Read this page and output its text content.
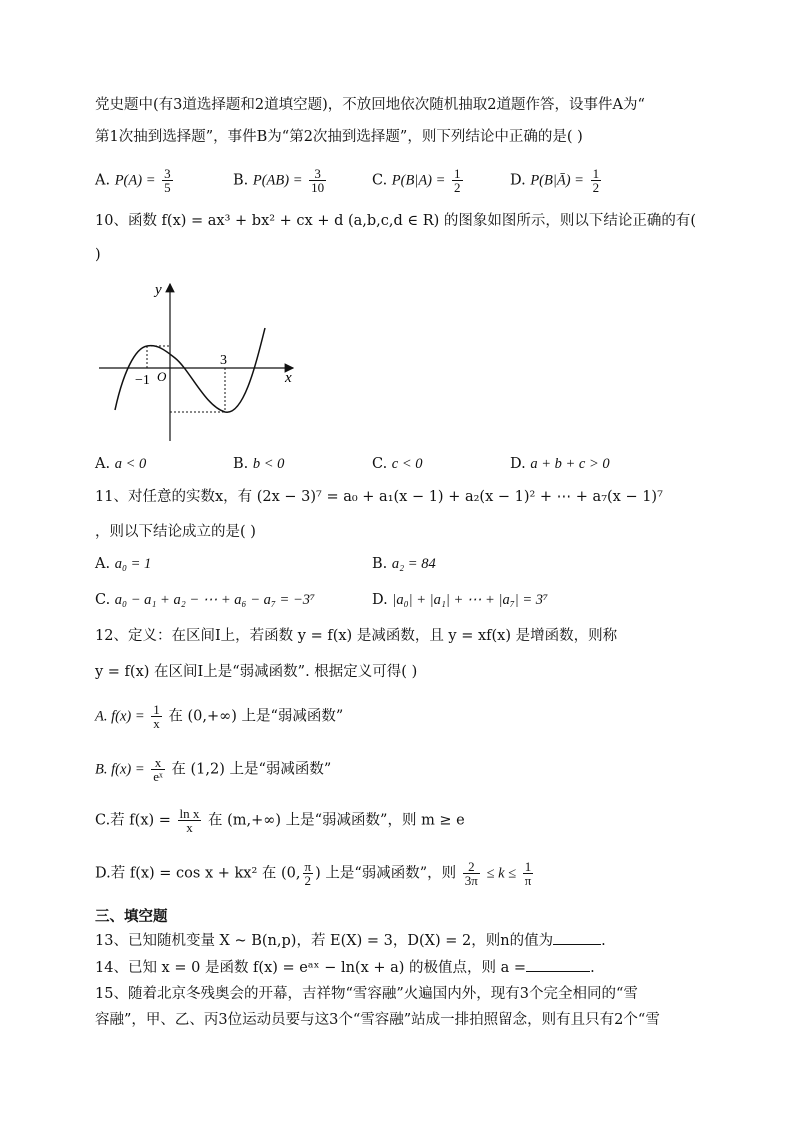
党史题中(有3道选择题和2道填空题)，不放回地依次随机抽取2道题作答，设事件A为“
第1次抽到选择题”，事件B为“第2次抽到选择题”，则下列结论中正确的是( )
A. $P(A) = \frac{3}{5}$	B. $P(AB) = \frac{3}{10}$	C. $P(B|A) = \frac{1}{2}$	D. P(B|Ā) = $\frac{1}{2}$
10、函数 f(x) = ax³ + bx² + cx + d (a,b,c,d ∈ R) 的图象如图所示，则以下结论正确的有(
)
y
x
O
−1
3
A. a < 0	B. b < 0	C. c < 0	D. a + b + c > 0
11、对任意的实数x，有 (2x − 3)⁷ = a₀ + a₁(x − 1) + a₂(x − 1)² + ⋯ + a₇(x − 1)⁷
，则以下结论成立的是( )
A. a₀ = 1	B. a₂ = 84
C. a₀ − a₁ + a₂ − ⋯ + a₆ − a₇ = −3⁷	D. |a₀| + |a₁| + ⋯ + |a₇| = 3⁷
12、定义：在区间I上，若函数 y = f(x) 是减函数，且 y = xf(x) 是增函数，则称
y = f(x) 在区间I上是“弱减函数”. 根据定义可得( )
A. $f(x) = \frac{1}{x}$ 在 (0,+∞) 上是“弱减函数”
B. $f(x) = \frac{x}{\text{eˣ}}$ 在 (1,2) 上是“弱减函数”
C.若 $f(x) = \frac{\text{ln x}}{x}$ 在 (m,+∞) 上是“弱减函数”，则 m ≥ e
D.若 f(x) = cos x + kx² 在 (0, $\frac{\pi}{2}$ ) 上是“弱减函数”，则 $\frac{2}{3\pi} \le k \le \frac{1}{\pi}$
三、填空题
13、已知随机变量 X ~ B(n,p)，若 E(X) = 3，D(X) = 2，则n的值为	.
14、已知 x = 0 是函数 f(x) = eᵃˣ − ln(x + a) 的极值点，则 a =	.
15、随着北京冬残奥会的开幕，吉祥物“雪容融”火遍国内外，现有3个完全相同的“雪
容融”，甲、乙、丙3位运动员要与这3个“雪容融”站成一排拍照留念，则有且只有2个“雪
